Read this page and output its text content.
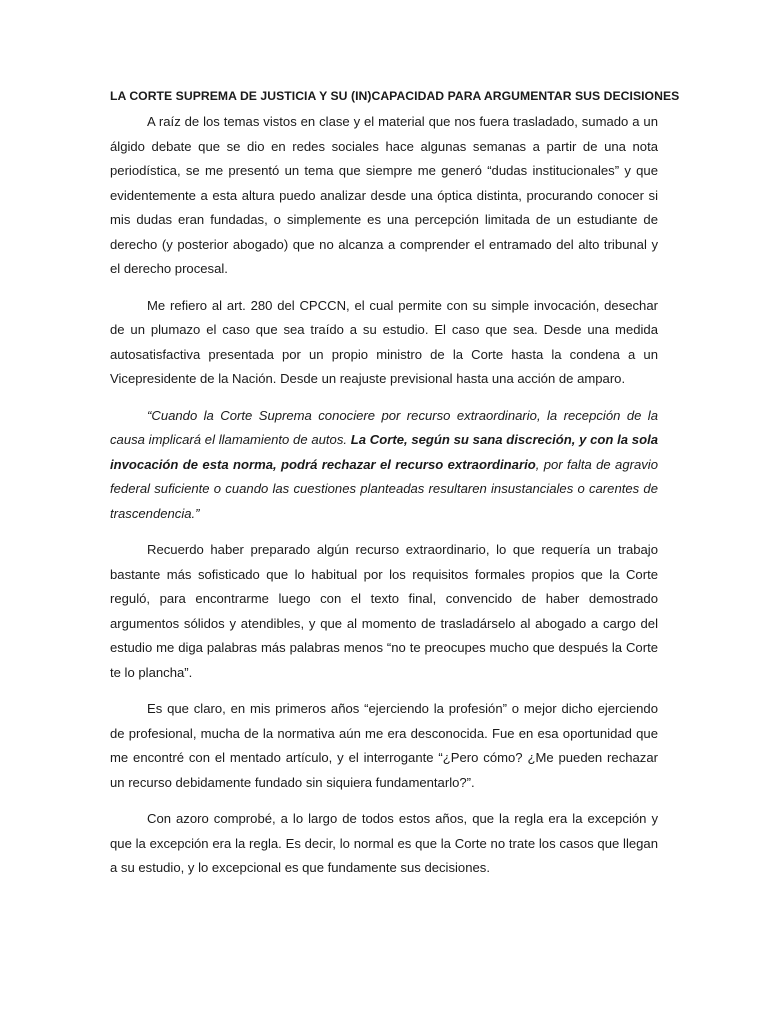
LA CORTE SUPREMA DE JUSTICIA Y SU (IN)CAPACIDAD PARA ARGUMENTAR SUS DECISIONES

A raíz de los temas vistos en clase y el material que nos fuera trasladado, sumado a un álgido debate que se dio en redes sociales hace algunas semanas a partir de una nota periodística, se me presentó un tema que siempre me generó “dudas institucionales” y que evidentemente a esta altura puedo analizar desde una óptica distinta, procurando conocer si mis dudas eran fundadas, o simplemente es una percepción limitada de un estudiante de derecho (y posterior abogado) que no alcanza a comprender el entramado del alto tribunal y el derecho procesal.

Me refiero al art. 280 del CPCCN, el cual permite con su simple invocación, desechar de un plumazo el caso que sea traído a su estudio. El caso que sea. Desde una medida autosatisfactiva presentada por un propio ministro de la Corte hasta la condena a un Vicepresidente de la Nación. Desde un reajuste previsional hasta una acción de amparo.

“Cuando la Corte Suprema conociere por recurso extraordinario, la recepción de la causa implicará el llamamiento de autos. La Corte, según su sana discreción, y con la sola invocación de esta norma, podrá rechazar el recurso extraordinario, por falta de agravio federal suficiente o cuando las cuestiones planteadas resultaren insustanciales o carentes de trascendencia.”

Recuerdo haber preparado algún recurso extraordinario, lo que requería un trabajo bastante más sofisticado que lo habitual por los requisitos formales propios que la Corte reguló, para encontrarme luego con el texto final, convencido de haber demostrado argumentos sólidos y atendibles, y que al momento de trasladárselo al abogado a cargo del estudio me diga palabras más palabras menos “no te preocupes mucho que después la Corte te lo plancha”.

Es que claro, en mis primeros años “ejerciendo la profesión” o mejor dicho ejerciendo de profesional, mucha de la normativa aún me era desconocida. Fue en esa oportunidad que me encontré con el mentado artículo, y el interrogante “¿Pero cómo? ¿Me pueden rechazar un recurso debidamente fundado sin siquiera fundamentarlo?”.

Con azoro comprobé, a lo largo de todos estos años, que la regla era la excepción y que la excepción era la regla. Es decir, lo normal es que la Corte no trate los casos que llegan a su estudio, y lo excepcional es que fundamente sus decisiones.
